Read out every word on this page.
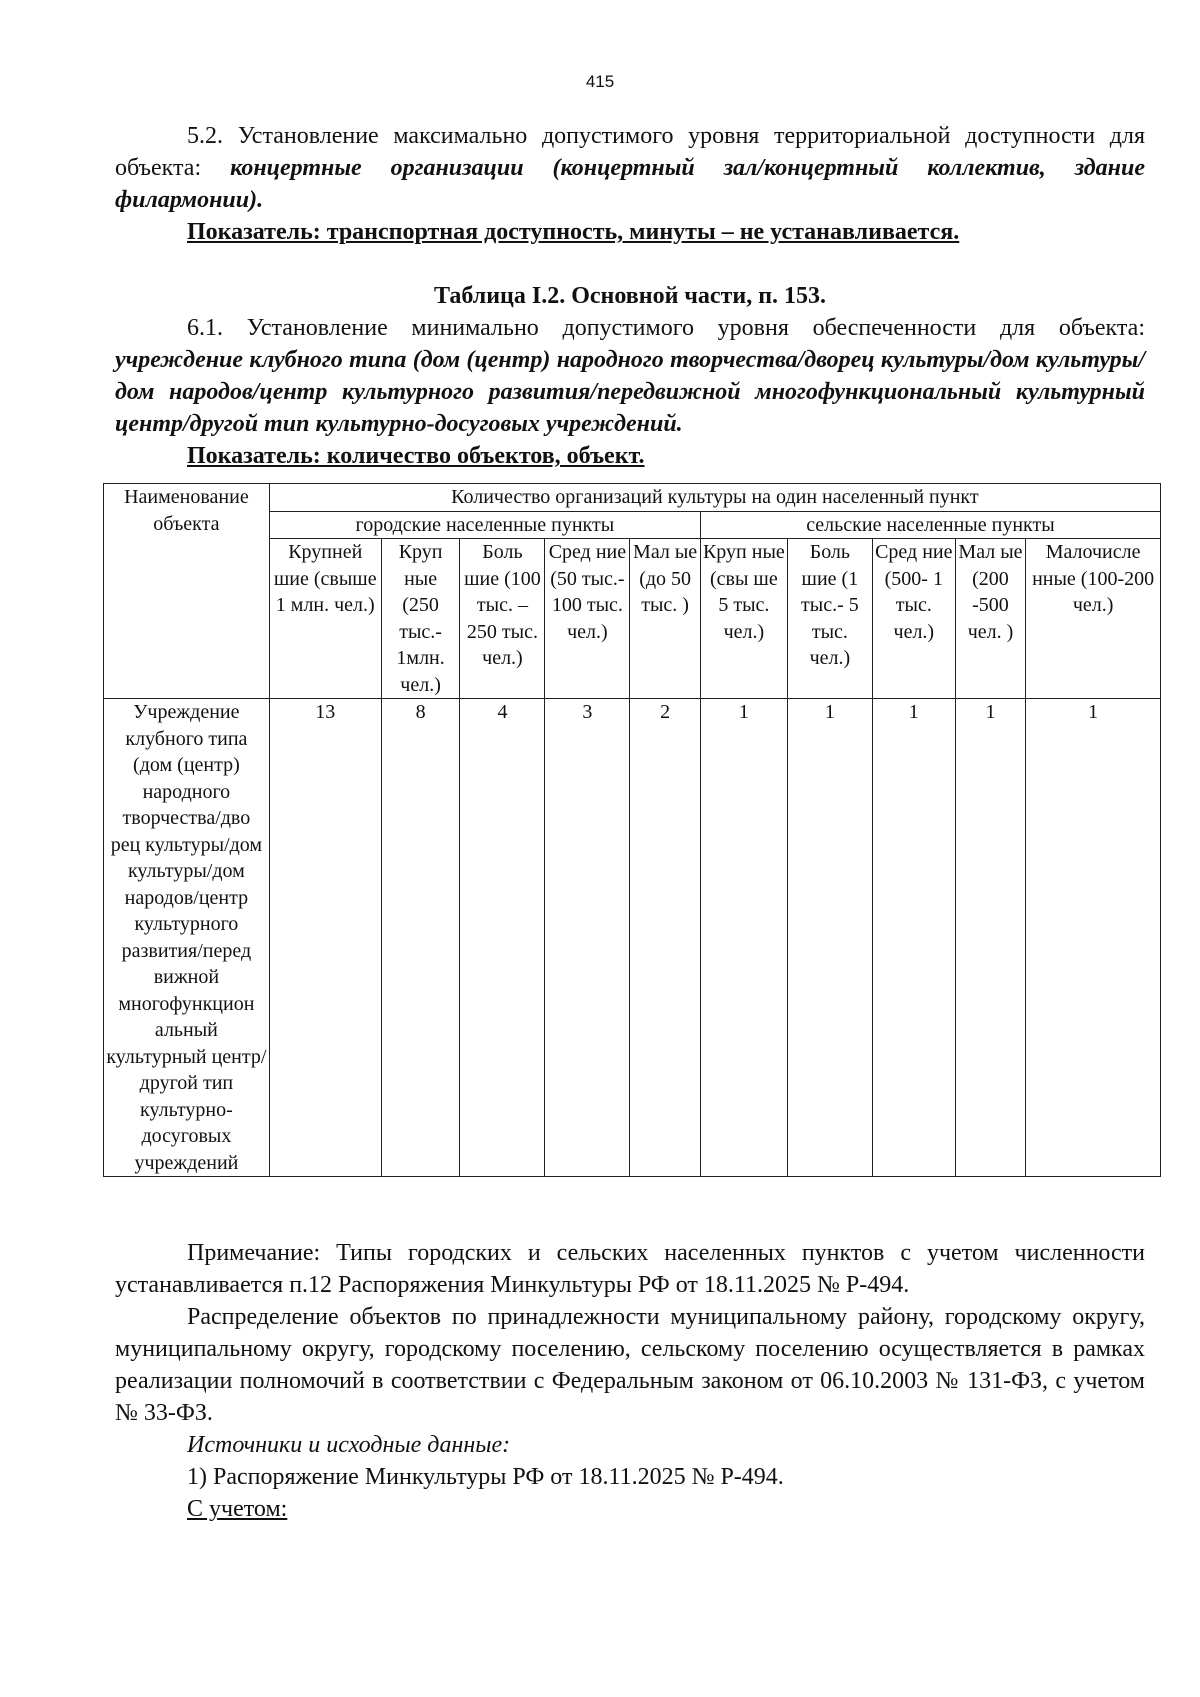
415

5.2. Установление максимально допустимого уровня территориальной доступности для объекта: концертные организации (концертный зал/концертный коллектив, здание филармонии).

Показатель: транспортная доступность, минуты – не устанавливается.

Таблица I.2. Основной части, п. 153.

6.1. Установление минимально допустимого уровня обеспеченности для объекта: учреждение клубного типа (дом (центр) народного творчества/дворец культуры/дом культуры/дом народов/центр культурного развития/передвижной многофункциональный культурный центр/другой тип культурно-досуговых учреждений.

Показатель: количество объектов, объект.

Наименование объекта	Количество организаций культуры на один населенный пункт									
	городские населенные пункты					сельские населенные пункты				
	Крупней шие (свыше 1 млн. чел.)	Круп ные (250 тыс.- 1млн. чел.)	Боль шие (100 тыс. – 250 тыс. чел.)	Сред ние (50 тыс.- 100 тыс. чел.)	Мал ые (до 50 тыс. )	Круп ные (свы ше 5 тыс. чел.)	Боль шие (1 тыс.- 5 тыс. чел.)	Сред ние (500- 1 тыс. чел.)	Мал ые (200 -500 чел. )	Малочисле нные (100-200 чел.)
Учреждение клубного типа (дом (центр) народного творчества/дво рец культуры/дом культуры/дом народов/центр культурного развития/перед вижной многофункцион альный культурный центр/другой тип культурно- досуговых учреждений	13	8	4	3	2	1	1	1	1	1

Примечание: Типы городских и сельских населенных пунктов с учетом численности устанавливается п.12 Распоряжения Минкультуры РФ от 18.11.2025 № Р-494.

Распределение объектов по принадлежности муниципальному району, городскому округу, муниципальному округу, городскому поселению, сельскому поселению осуществляется в рамках реализации полномочий в соответствии с Федеральным законом от 06.10.2003 № 131-ФЗ, с учетом № 33-ФЗ.

Источники и исходные данные:

1) Распоряжение Минкультуры РФ от 18.11.2025 № Р-494.

С учетом:
